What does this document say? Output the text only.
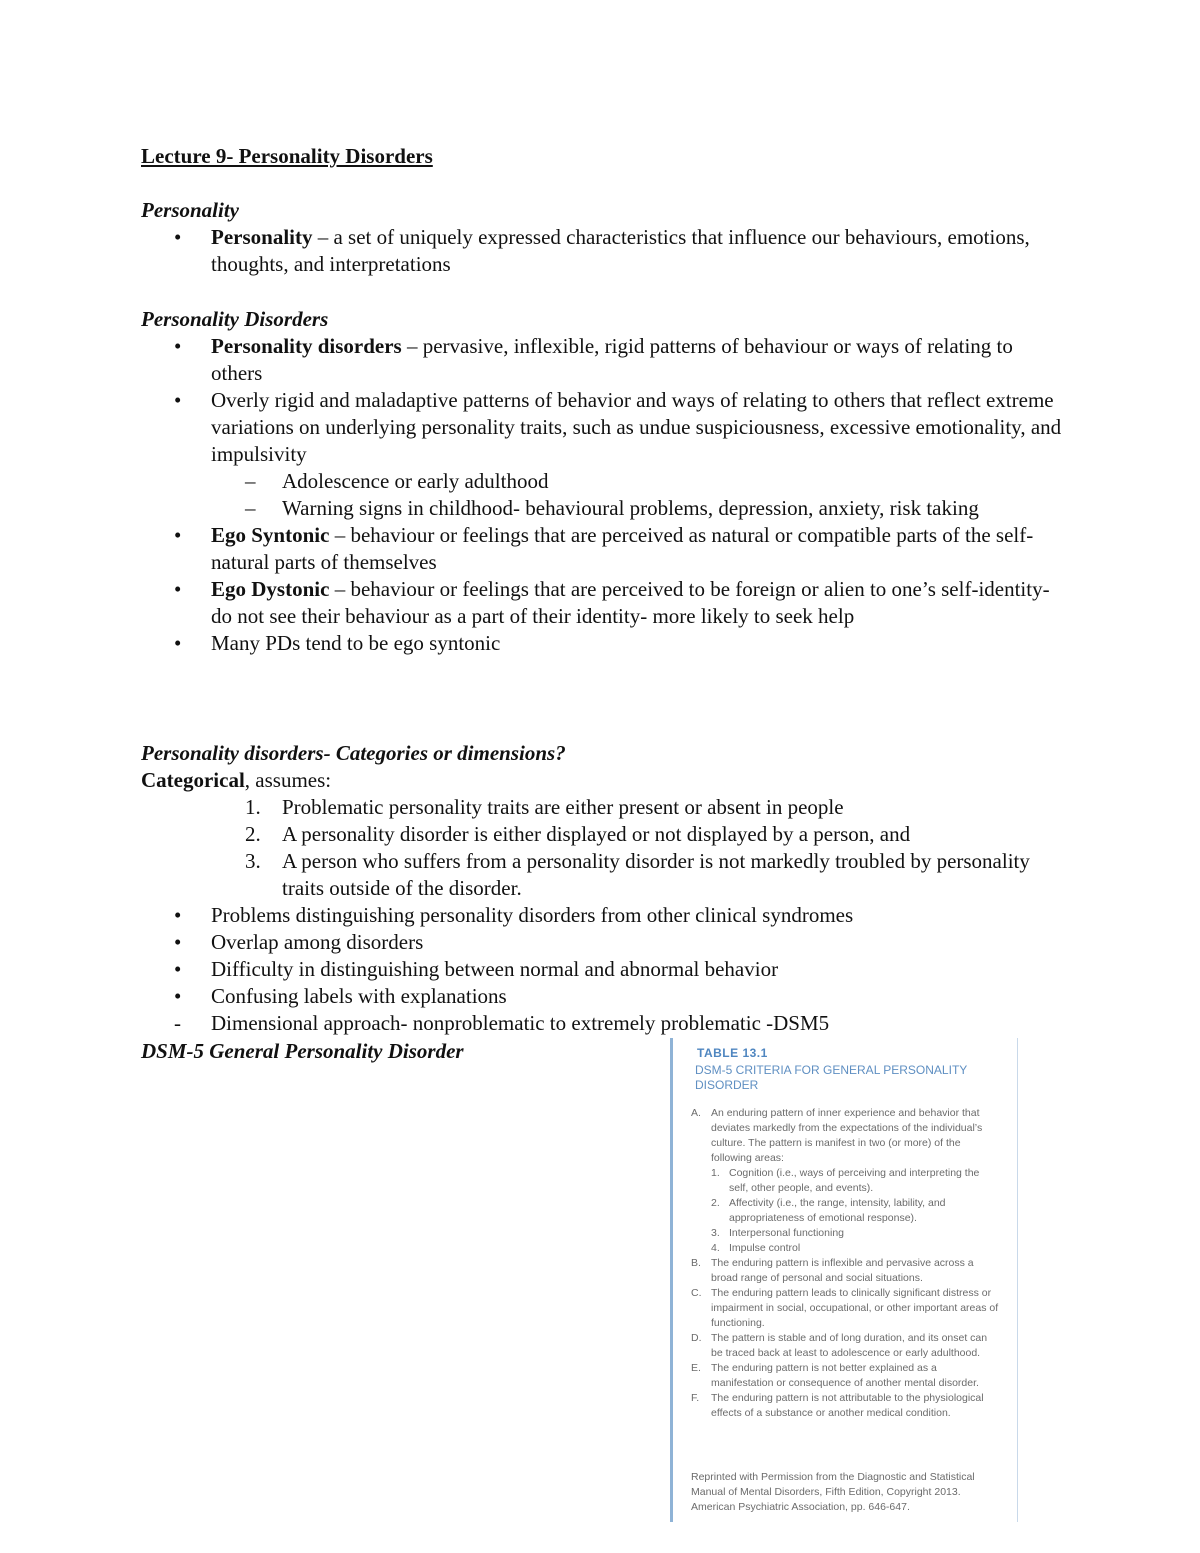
Lecture 9- Personality Disorders
Personality
• Personality – a set of uniquely expressed characteristics that influence our behaviours, emotions, thoughts, and interpretations
Personality Disorders
• Personality disorders – pervasive, inflexible, rigid patterns of behaviour or ways of relating to others
• Overly rigid and maladaptive patterns of behavior and ways of relating to others that reflect extreme variations on underlying personality traits, such as undue suspiciousness, excessive emotionality, and impulsivity
– Adolescence or early adulthood
– Warning signs in childhood- behavioural problems, depression, anxiety, risk taking
• Ego Syntonic – behaviour or feelings that are perceived as natural or compatible parts of the self- natural parts of themselves
• Ego Dystonic – behaviour or feelings that are perceived to be foreign or alien to one’s self-identity- do not see their behaviour as a part of their identity- more likely to seek help
• Many PDs tend to be ego syntonic
Personality disorders- Categories or dimensions?
Categorical, assumes:
1. Problematic personality traits are either present or absent in people
2. A personality disorder is either displayed or not displayed by a person, and
3. A person who suffers from a personality disorder is not markedly troubled by personality traits outside of the disorder.
• Problems distinguishing personality disorders from other clinical syndromes
• Overlap among disorders
• Difficulty in distinguishing between normal and abnormal behavior
• Confusing labels with explanations
- Dimensional approach- nonproblematic to extremely problematic -DSM5
DSM-5 General Personality Disorder	TABLE 13.1
DSM-5 CRITERIA FOR GENERAL PERSONALITY DISORDER
A. An enduring pattern of inner experience and behavior that deviates markedly from the expectations of the individual’s culture. The pattern is manifest in two (or more) of the following areas:
1. Cognition (i.e., ways of perceiving and interpreting the self, other people, and events).
2. Affectivity (i.e., the range, intensity, lability, and appropriateness of emotional response).
3. Interpersonal functioning
4. Impulse control
B. The enduring pattern is inflexible and pervasive across a broad range of personal and social situations.
C. The enduring pattern leads to clinically significant distress or impairment in social, occupational, or other important areas of functioning.
D. The pattern is stable and of long duration, and its onset can be traced back at least to adolescence or early adulthood.
E. The enduring pattern is not better explained as a manifestation or consequence of another mental disorder.
F. The enduring pattern is not attributable to the physiological effects of a substance or another medical condition.
Reprinted with Permission from the Diagnostic and Statistical Manual of Mental Disorders, Fifth Edition, Copyright 2013. American Psychiatric Association, pp. 646-647.
